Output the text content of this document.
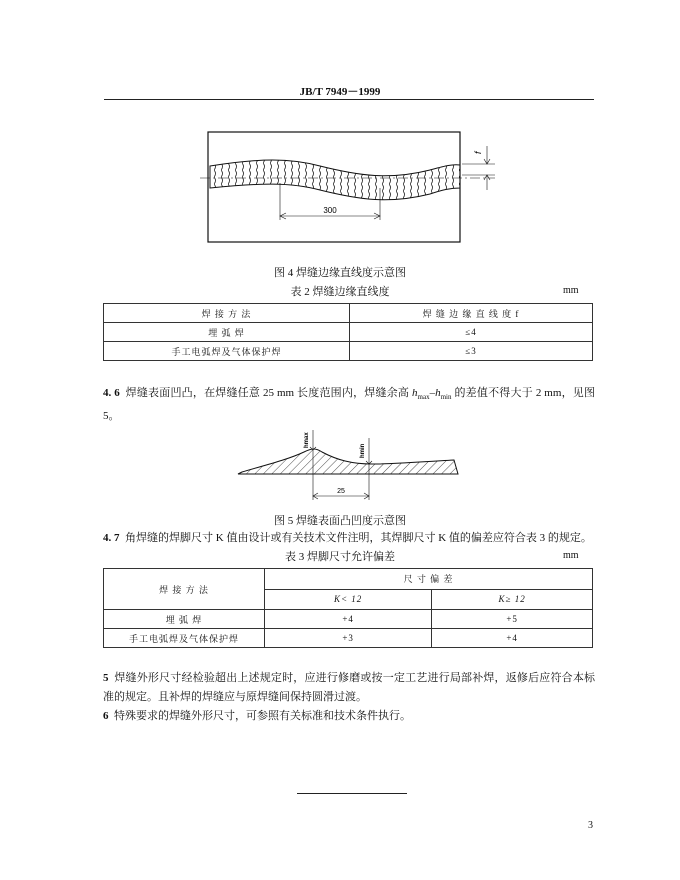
JB/T 7949－1999
f
300
图 4 焊缝边缘直线度示意图
表 2 焊缝边缘直线度	mm
焊 接 方 法	焊 缝 边 缘 直 线 度 f
埋 弧 焊	≤4
手工电弧焊及气体保护焊	≤3
4. 6 焊缝表面凹凸，在焊缝任意 25 mm 长度范围内，焊缝余高 $h_{max}-h_{min}$ 的差值不得大于 2 mm，见图 5。
hmax
hmin
25
图 5 焊缝表面凸凹度示意图
4. 7 角焊缝的焊脚尺寸 K 值由设计或有关技术文件注明，其焊脚尺寸 K 值的偏差应符合表 3 的规定。
表 3 焊脚尺寸允许偏差	mm
焊 接 方 法	尺 寸 偏 差	
	K< 12	K≥ 12
埋 弧 焊	+4	+5
手工电弧焊及气体保护焊	+3	+4
5 焊缝外形尺寸经检验超出上述规定时，应进行修磨或按一定工艺进行局部补焊，返修后应符合本标准的规定。且补焊的焊缝应与原焊缝间保持圆滑过渡。
6 特殊要求的焊缝外形尺寸，可参照有关标准和技术条件执行。
3
